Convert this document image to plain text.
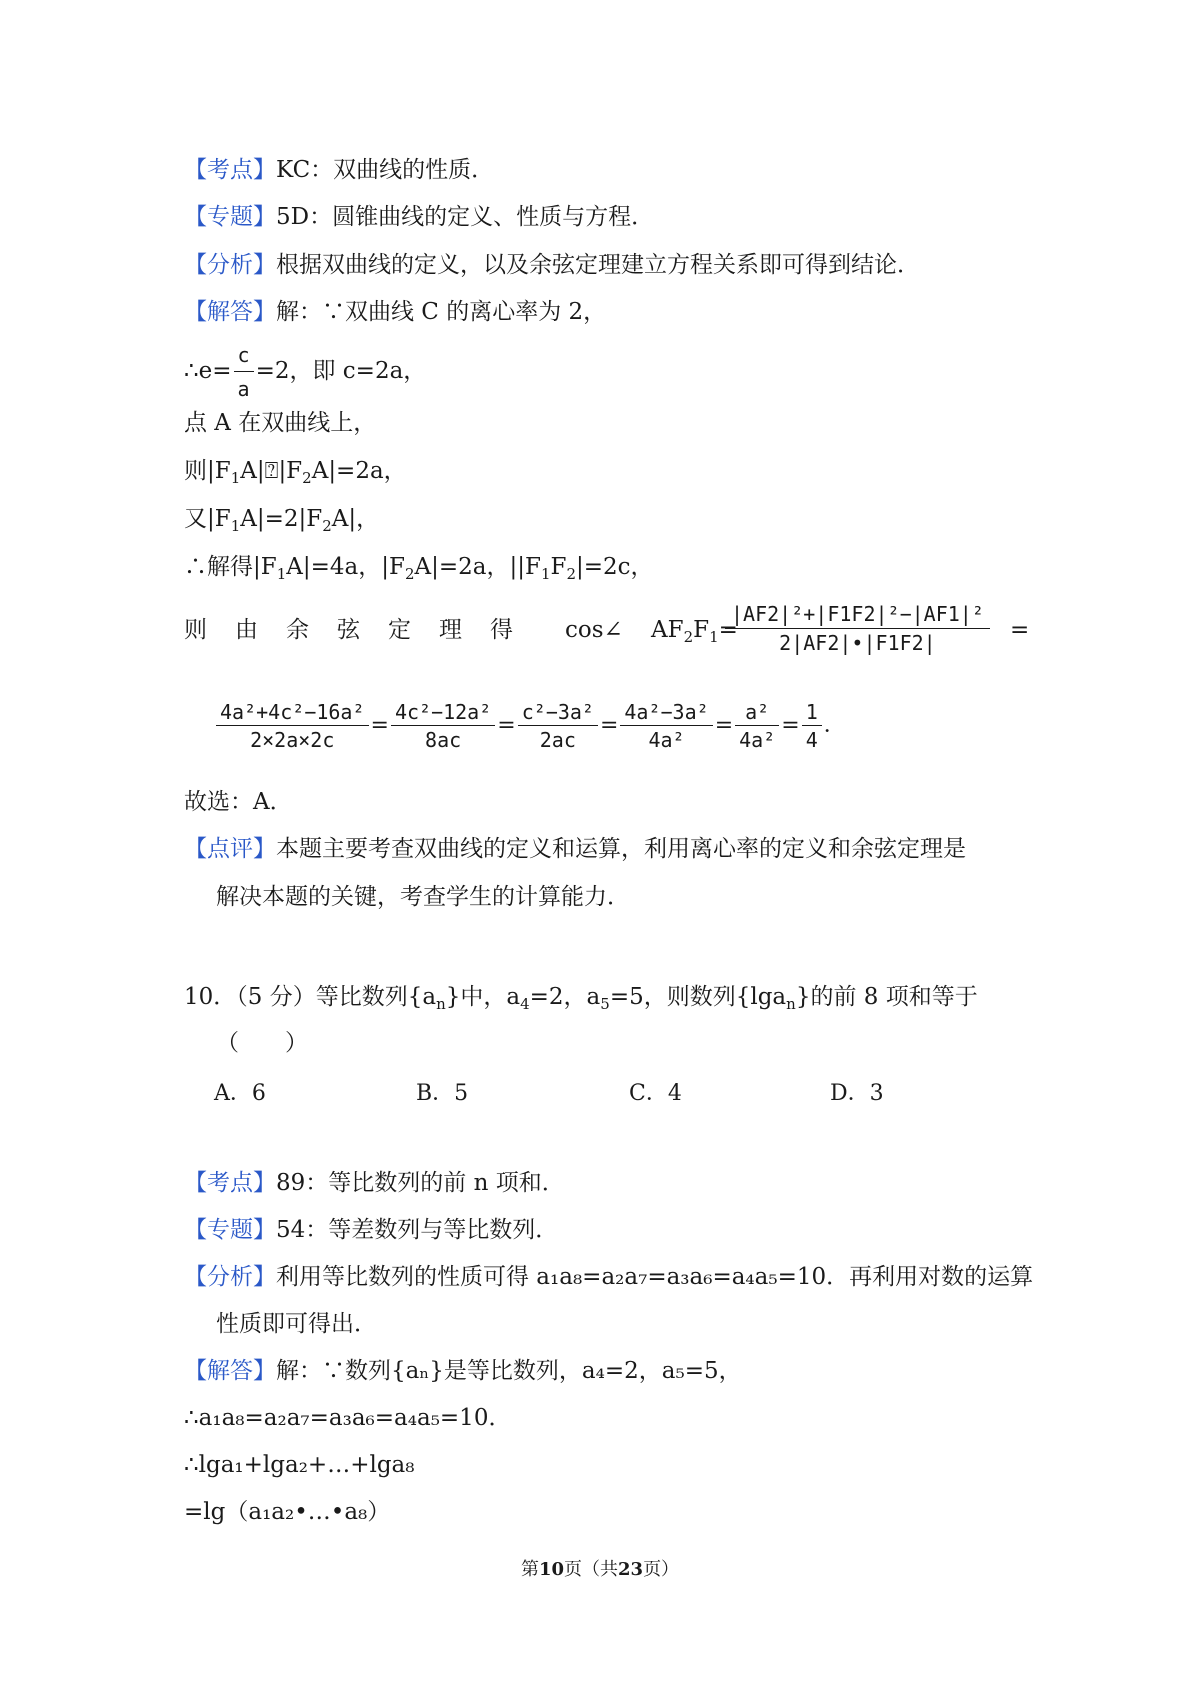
【考点】KC：双曲线的性质．
【专题】5D：圆锥曲线的定义、性质与方程．
【分析】根据双曲线的定义，以及余弦定理建立方程关系即可得到结论．
【解答】解：∵双曲线 C 的离心率为 2，
∴e= $\frac{c}{a} =2$，即 c=2a，
点 A 在双曲线上，
则$|F_1A|⍰|F_2A|=2a$，
又$|F_1A|=2|F_2A|$，
∴解得$|F_1A|=4a$，$|F_2A|=2a$，$||F_1F_2|=2c$，
则 由 余 弦 定 理 得	cos∠ $AF_2F_1=$
$\frac{\text{|AF2|²+|F1F2|²−|AF1|²}}{2|AF2|•|F1F2|}$ =
$\frac{\text{4a²+4c²−16a²}}{2\times 2a\times 2c} = \frac{\text{4c²−12a²}}{8ac} = \frac{\text{c²−3a²}}{2ac} = \frac{\text{4a²−3a²}}{\text{4a²}} = \frac{\text{a²}}{\text{4a²}} = \frac{1}{4}$ ．
故选：A．
【点评】本题主要考查双曲线的定义和运算，利用离心率的定义和余弦定理是
解决本题的关键，考查学生的计算能力．
10．（5 分）等比数列$\{a_n\}$中，$a_4=2$，$a_5=5$，则数列{lga$_n$}的前 8 项和等于
（　　）
A．6	B．5	C．4	D．3
【考点】89：等比数列的前 n 项和．
【专题】54：等差数列与等比数列．
【分析】利用等比数列的性质可得 a₁a₈=a₂a₇=a₃a₆=a₄a₅=10．再利用对数的运算
性质即可得出．
【解答】解：∵数列{aₙ}是等比数列，a₄=2，a₅=5，
∴a₁a₈=a₂a₇=a₃a₆=a₄a₅=10．
∴lga₁+lga₂+…+lga₈
=lg（a₁a₂•…•a₈）
第10页（共23页）
